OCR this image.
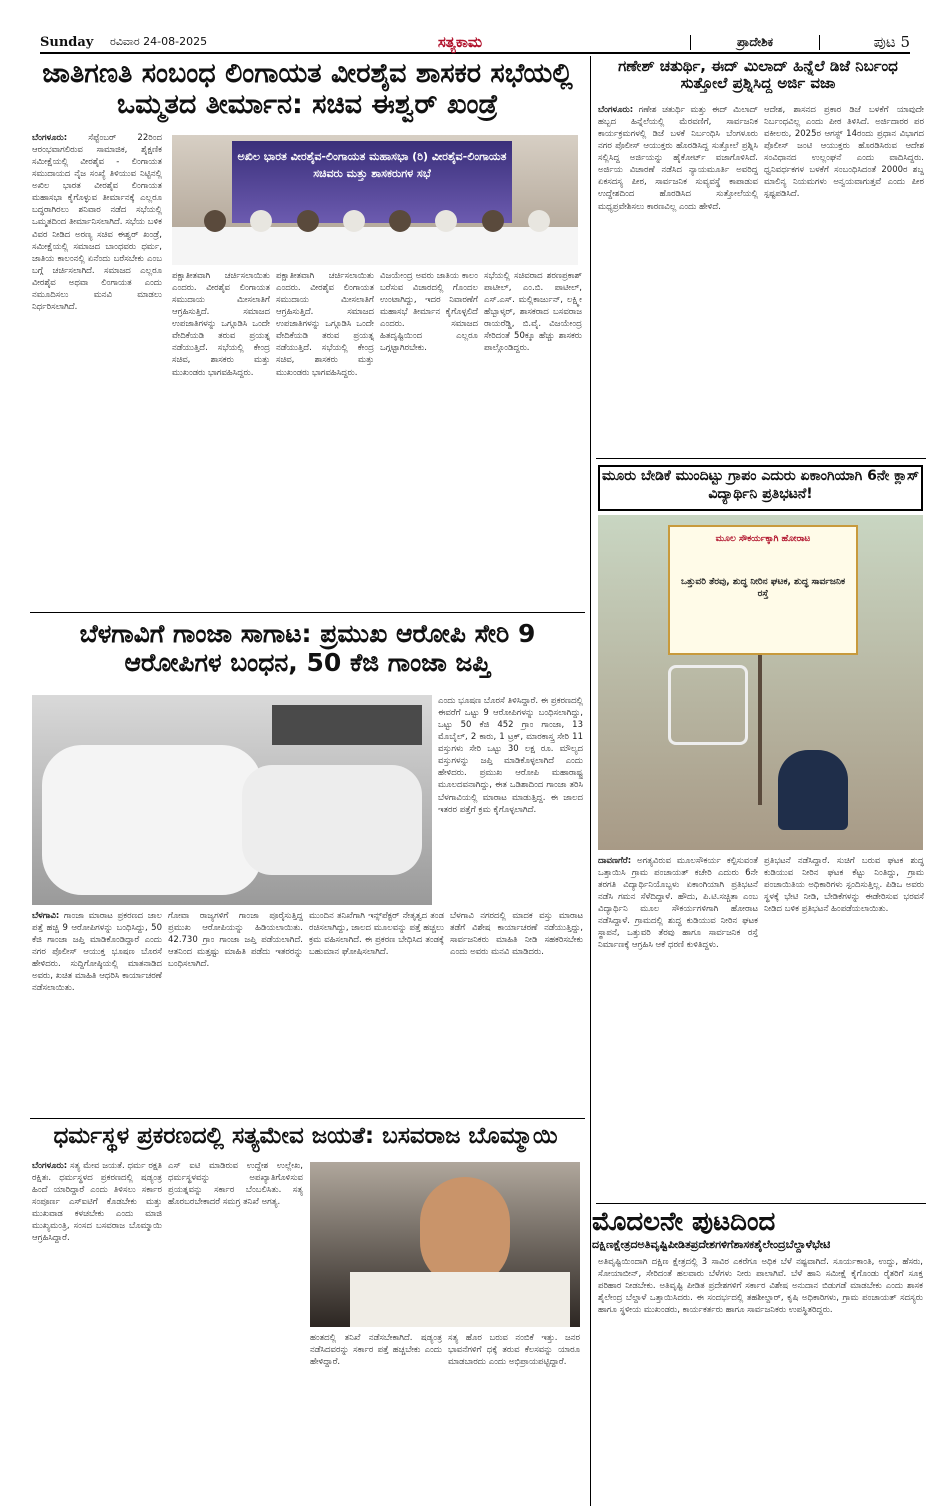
Sunday	ರವಿವಾರ 24-08-2025	ಸತ್ಯಕಾಮ	ಪ್ರಾದೇಶಿಕ	ಪುಟ 5
ಜಾತಿಗಣತಿ ಸಂಬಂಧ ಲಿಂಗಾಯತ ವೀರಶೈವ ಶಾಸಕರ ಸಭೆಯಲ್ಲಿ ಒಮ್ಮತದ ತೀರ್ಮಾನ: ಸಚಿವ ಈಶ್ವರ್ ಖಂಡ್ರೆ
ಬೆಂಗಳೂರು: ಸೆಪ್ಟೆಂಬರ್ 22ರಿಂದ ಆರಂಭವಾಗಲಿರುವ ಸಾಮಾಜಿಕ, ಶೈಕ್ಷಣಿಕ ಸಮೀಕ್ಷೆಯಲ್ಲಿ ವೀರಶೈವ - ಲಿಂಗಾಯತ ಸಮುದಾಯದ ನೈಜ ಸಂಖ್ಯೆ ತಿಳಿಯುವ ನಿಟ್ಟಿನಲ್ಲಿ ಅಖಿಲ ಭಾರತ ವೀರಶೈವ ಲಿಂಗಾಯತ ಮಹಾಸಭಾ ಕೈಗೊಳ್ಳುವ ತೀರ್ಮಾನಕ್ಕೆ ಎಲ್ಲರೂ ಬದ್ಧರಾಗಿರಲು ಶನಿವಾರ ನಡೆದ ಸಭೆಯಲ್ಲಿ ಒಮ್ಮತದಿಂದ ತೀರ್ಮಾನಿಸಲಾಗಿದೆ. ಸಭೆಯ ಬಳಿಕ ವಿವರ ನೀಡಿದ ಅರಣ್ಯ ಸಚಿವ ಈಶ್ವರ್ ಖಂಡ್ರೆ, ಸಮೀಕ್ಷೆಯಲ್ಲಿ ಸಮಾಜದ ಬಾಂಧವರು ಧರ್ಮ, ಜಾತಿಯ ಕಾಲಂನಲ್ಲಿ ಏನೆಂದು ಬರೆಸಬೇಕು ಎಂಬ ಬಗ್ಗೆ ಚರ್ಚಿಸಲಾಗಿದೆ. ಸಮಾಜದ ಎಲ್ಲರೂ ವೀರಶೈವ ಅಥವಾ ಲಿಂಗಾಯತ ಎಂದು ನಮೂದಿಸಲು ಮನವಿ ಮಾಡಲು ನಿರ್ಧರಿಸಲಾಗಿದೆ.
ಅಖಿಲ ಭಾರತ ವೀರಶೈವ-ಲಿಂಗಾಯತ ಮಹಾಸಭಾ (ರಿ) ವೀರಶೈವ-ಲಿಂಗಾಯತ ಸಚಿವರು ಮತ್ತು ಶಾಸಕರುಗಳ ಸಭೆ
ಪಕ್ಷಾತೀತವಾಗಿ ಚರ್ಚಿಸಲಾಯಿತು ಎಂದರು. ವೀರಶೈವ ಲಿಂಗಾಯತ ಸಮುದಾಯ ಮೀಸಲಾತಿಗೆ ಆಗ್ರಹಿಸುತ್ತಿದೆ. ಸಮಾಜದ ಉಪಜಾತಿಗಳನ್ನು ಒಗ್ಗೂಡಿಸಿ ಒಂದೇ ವೇದಿಕೆಯಡಿ ತರುವ ಪ್ರಯತ್ನ ನಡೆಯುತ್ತಿದೆ. ಸಭೆಯಲ್ಲಿ ಕೇಂದ್ರ ಸಚಿವ, ಶಾಸಕರು ಮತ್ತು ಮುಖಂಡರು ಭಾಗವಹಿಸಿದ್ದರು.
ಪಕ್ಷಾತೀತವಾಗಿ ಚರ್ಚಿಸಲಾಯಿತು ಎಂದರು. ವೀರಶೈವ ಲಿಂಗಾಯತ ಸಮುದಾಯ ಮೀಸಲಾತಿಗೆ ಆಗ್ರಹಿಸುತ್ತಿದೆ. ಸಮಾಜದ ಉಪಜಾತಿಗಳನ್ನು ಒಗ್ಗೂಡಿಸಿ ಒಂದೇ ವೇದಿಕೆಯಡಿ ತರುವ ಪ್ರಯತ್ನ ನಡೆಯುತ್ತಿದೆ. ಸಭೆಯಲ್ಲಿ ಕೇಂದ್ರ ಸಚಿವ, ಶಾಸಕರು ಮತ್ತು ಮುಖಂಡರು ಭಾಗವಹಿಸಿದ್ದರು.
ವಿಜಯೇಂದ್ರ ಅವರು ಜಾತಿಯ ಕಾಲಂ ಬರೆಸುವ ವಿಚಾರದಲ್ಲಿ ಗೊಂದಲ ಉಂಟಾಗಿದ್ದು, ಇದರ ನಿವಾರಣೆಗೆ ಮಹಾಸಭೆ ತೀರ್ಮಾನ ಕೈಗೊಳ್ಳಲಿದೆ ಎಂದರು. ಸಮಾಜದ ಹಿತದೃಷ್ಟಿಯಿಂದ ಎಲ್ಲರೂ ಒಗ್ಗಟ್ಟಾಗಿರಬೇಕು.
ಸಭೆಯಲ್ಲಿ ಸಚಿವರಾದ ಶರಣಪ್ರಕಾಶ್ ಪಾಟೀಲ್, ಎಂ.ಬಿ. ಪಾಟೀಲ್, ಎಸ್.ಎಸ್. ಮಲ್ಲಿಕಾರ್ಜುನ್, ಲಕ್ಷ್ಮೀ ಹೆಬ್ಬಾಳ್ಕರ್, ಶಾಸಕರಾದ ಬಸವರಾಜ ರಾಯರೆಡ್ಡಿ, ಬಿ.ವೈ. ವಿಜಯೇಂದ್ರ ಸೇರಿದಂತೆ 50ಕ್ಕೂ ಹೆಚ್ಚು ಶಾಸಕರು ಪಾಲ್ಗೊಂಡಿದ್ದರು.
ಗಣೇಶ್ ಚತುರ್ಥಿ, ಈದ್ ಮಿಲಾದ್ ಹಿನ್ನೆಲೆ ಡಿಜೆ ನಿರ್ಬಂಧ ಸುತ್ತೋಲೆ ಪ್ರಶ್ನಿಸಿದ್ದ ಅರ್ಜಿ ವಜಾ
ಬೆಂಗಳೂರು: ಗಣೇಶ ಚತುರ್ಥಿ ಮತ್ತು ಈದ್ ಮಿಲಾದ್ ಹಬ್ಬದ ಹಿನ್ನೆಲೆಯಲ್ಲಿ ಮೆರವಣಿಗೆ, ಸಾರ್ವಜನಿಕ ಕಾರ್ಯಕ್ರಮಗಳಲ್ಲಿ ಡಿಜೆ ಬಳಕೆ ನಿರ್ಬಂಧಿಸಿ ಬೆಂಗಳೂರು ನಗರ ಪೊಲೀಸ್ ಆಯುಕ್ತರು ಹೊರಡಿಸಿದ್ದ ಸುತ್ತೋಲೆ ಪ್ರಶ್ನಿಸಿ ಸಲ್ಲಿಸಿದ್ದ ಅರ್ಜಿಯನ್ನು ಹೈಕೋರ್ಟ್ ವಜಾಗೊಳಿಸಿದೆ. ಅರ್ಜಿಯ ವಿಚಾರಣೆ ನಡೆಸಿದ ನ್ಯಾಯಮೂರ್ತಿ ಅವರಿದ್ದ ಏಕಸದಸ್ಯ ಪೀಠ, ಸಾರ್ವಜನಿಕ ಸುವ್ಯವಸ್ಥೆ ಕಾಪಾಡುವ ಉದ್ದೇಶದಿಂದ ಹೊರಡಿಸಿದ ಸುತ್ತೋಲೆಯಲ್ಲಿ ಮಧ್ಯಪ್ರವೇಶಿಸಲು ಕಾರಣವಿಲ್ಲ ಎಂದು ಹೇಳಿದೆ.
ಆದೇಶ, ಶಾಸನದ ಪ್ರಕಾರ ಡಿಜೆ ಬಳಕೆಗೆ ಯಾವುದೇ ನಿರ್ಬಂಧವಿಲ್ಲ ಎಂದು ಪೀಠ ತಿಳಿಸಿದೆ. ಅರ್ಜಿದಾರರ ಪರ ವಕೀಲರು, 2025ರ ಆಗಸ್ಟ್ 14ರಂದು ಪ್ರಧಾನ ವಿಭಾಗದ ಪೊಲೀಸ್ ಜಂಟಿ ಆಯುಕ್ತರು ಹೊರಡಿಸಿರುವ ಆದೇಶ ಸಂವಿಧಾನದ ಉಲ್ಲಂಘನೆ ಎಂದು ವಾದಿಸಿದ್ದರು. ಧ್ವನಿವರ್ಧಕಗಳ ಬಳಕೆಗೆ ಸಂಬಂಧಿಸಿದಂತೆ 2000ರ ಶಬ್ದ ಮಾಲಿನ್ಯ ನಿಯಮಗಳು ಅನ್ವಯವಾಗುತ್ತವೆ ಎಂದು ಪೀಠ ಸ್ಪಷ್ಟಪಡಿಸಿದೆ.
ಮೂರು ಬೇಡಿಕೆ ಮುಂದಿಟ್ಟು ಗ್ರಾಪಂ ಎದುರು ಏಕಾಂಗಿಯಾಗಿ 6ನೇ ಕ್ಲಾಸ್ ವಿದ್ಯಾರ್ಥಿನಿ ಪ್ರತಿಭಟನೆ!
ಮೂಲ ಸೌಕರ್ಯಕ್ಕಾಗಿ ಹೋರಾಟ
ಒತ್ತುವರಿ ತೆರವು, ಶುದ್ಧ ನೀರಿನ ಘಟಕ, ಶುದ್ಧ ಸಾರ್ವಜನಿಕ ರಸ್ತೆ
ದಾವಣಗೆರೆ: ಅಗತ್ಯವಿರುವ ಮೂಲಸೌಕರ್ಯ ಕಲ್ಪಿಸುವಂತೆ ಒತ್ತಾಯಿಸಿ ಗ್ರಾಮ ಪಂಚಾಯತ್ ಕಚೇರಿ ಎದುರು 6ನೇ ತರಗತಿ ವಿದ್ಯಾರ್ಥಿನಿಯೊಬ್ಬಳು ಏಕಾಂಗಿಯಾಗಿ ಪ್ರತಿಭಟನೆ ನಡೆಸಿ ಗಮನ ಸೆಳೆದಿದ್ದಾಳೆ. ಹೌದು, ಪಿ.ಟಿ.ಸಚ್ಚಿತಾ ಎಂಬ ವಿದ್ಯಾರ್ಥಿನಿ ಮೂಲ ಸೌಕರ್ಯಗಳಿಗಾಗಿ ಹೋರಾಟ ನಡೆಸಿದ್ದಾಳೆ. ಗ್ರಾಮದಲ್ಲಿ ಶುದ್ಧ ಕುಡಿಯುವ ನೀರಿನ ಘಟಕ ಸ್ಥಾಪನೆ, ಒತ್ತುವರಿ ತೆರವು ಹಾಗೂ ಸಾರ್ವಜನಿಕ ರಸ್ತೆ ನಿರ್ಮಾಣಕ್ಕೆ ಆಗ್ರಹಿಸಿ ಆಕೆ ಧರಣಿ ಕುಳಿತಿದ್ದಳು.
ಪ್ರತಿಭಟನೆ ನಡೆಸಿದ್ದಾರೆ. ಸುಚಿಗೆ ಬರುವ ಘಟಕ ಶುದ್ಧ ಕುಡಿಯುವ ನೀರಿನ ಘಟಕ ಕೆಟ್ಟು ನಿಂತಿದ್ದು, ಗ್ರಾಮ ಪಂಚಾಯಿತಿಯ ಅಧಿಕಾರಿಗಳು ಸ್ಪಂದಿಸುತ್ತಿಲ್ಲ. ಪಿಡಿಒ ಅವರು ಸ್ಥಳಕ್ಕೆ ಭೇಟಿ ನೀಡಿ, ಬೇಡಿಕೆಗಳನ್ನು ಈಡೇರಿಸುವ ಭರವಸೆ ನೀಡಿದ ಬಳಿಕ ಪ್ರತಿಭಟನೆ ಹಿಂಪಡೆಯಲಾಯಿತು.
ಬೆಳಗಾವಿಗೆ ಗಾಂಜಾ ಸಾಗಾಟ: ಪ್ರಮುಖ ಆರೋಪಿ ಸೇರಿ 9 ಆರೋಪಿಗಳ ಬಂಧನ, 50 ಕೆಜಿ ಗಾಂಜಾ ಜಪ್ತಿ
ಎಂದು ಭೂಷಣ ಬೊರಸೆ ತಿಳಿಸಿದ್ದಾರೆ. ಈ ಪ್ರಕರಣದಲ್ಲಿ ಈವರೆಗೆ ಒಟ್ಟು 9 ಆರೋಪಿಗಳನ್ನು ಬಂಧಿಸಲಾಗಿದ್ದು, ಒಟ್ಟು 50 ಕೆಜಿ 452 ಗ್ರಾಂ ಗಾಂಜಾ, 13 ಮೊಬೈಲ್, 2 ಕಾರು, 1 ಟ್ರಕ್, ಮಾರಕಾಸ್ತ್ರ ಸೇರಿ 11 ವಸ್ತುಗಳು ಸೇರಿ ಒಟ್ಟು 30 ಲಕ್ಷ ರೂ. ಮೌಲ್ಯದ ವಸ್ತುಗಳನ್ನು ಜಪ್ತಿ ಮಾಡಿಕೊಳ್ಳಲಾಗಿದೆ ಎಂದು ಹೇಳಿದರು. ಪ್ರಮುಖ ಆರೋಪಿ ಮಹಾರಾಷ್ಟ್ರ ಮೂಲದವನಾಗಿದ್ದು, ಈತ ಒಡಿಶಾದಿಂದ ಗಾಂಜಾ ತರಿಸಿ ಬೆಳಗಾವಿಯಲ್ಲಿ ಮಾರಾಟ ಮಾಡುತ್ತಿದ್ದ. ಈ ಜಾಲದ ಇತರರ ಪತ್ತೆಗೆ ಕ್ರಮ ಕೈಗೊಳ್ಳಲಾಗಿದೆ.
ಬೆಳಗಾವಿ: ಗಾಂಜಾ ಮಾರಾಟ ಪ್ರಕರಣದ ಜಾಲ ಪತ್ತೆ ಹಚ್ಚಿ 9 ಆರೋಪಿಗಳನ್ನು ಬಂಧಿಸಿದ್ದು, 50 ಕೆಜಿ ಗಾಂಜಾ ಜಪ್ತಿ ಮಾಡಿಕೊಂಡಿದ್ದಾರೆ ಎಂದು ನಗರ ಪೊಲೀಸ್ ಆಯುಕ್ತ ಭೂಷಣ ಬೊರಸೆ ಹೇಳಿದರು. ಸುದ್ದಿಗೋಷ್ಠಿಯಲ್ಲಿ ಮಾತನಾಡಿದ ಅವರು, ಖಚಿತ ಮಾಹಿತಿ ಆಧರಿಸಿ ಕಾರ್ಯಾಚರಣೆ ನಡೆಸಲಾಯಿತು.
ಗೋವಾ ರಾಜ್ಯಗಳಿಗೆ ಗಾಂಜಾ ಪೂರೈಸುತ್ತಿದ್ದ ಪ್ರಮುಖ ಆರೋಪಿಯನ್ನು ಹಿಡಿಯಲಾಯಿತು. 42.730 ಗ್ರಾಂ ಗಾಂಜಾ ಜಪ್ತಿ ಪಡೆಯಲಾಗಿದೆ. ಆತನಿಂದ ಮತ್ತಷ್ಟು ಮಾಹಿತಿ ಪಡೆದು ಇತರರನ್ನು ಬಂಧಿಸಲಾಗಿದೆ.
ಮುಂದಿನ ತನಿಖೆಗಾಗಿ ಇನ್ಸ್‌ಪೆಕ್ಟರ್ ನೇತೃತ್ವದ ತಂಡ ರಚಿಸಲಾಗಿದ್ದು, ಜಾಲದ ಮೂಲವನ್ನು ಪತ್ತೆ ಹಚ್ಚಲು ಕ್ರಮ ವಹಿಸಲಾಗಿದೆ. ಈ ಪ್ರಕರಣ ಬೇಧಿಸಿದ ತಂಡಕ್ಕೆ ಬಹುಮಾನ ಘೋಷಿಸಲಾಗಿದೆ.
ಬೆಳಗಾವಿ ನಗರದಲ್ಲಿ ಮಾದಕ ವಸ್ತು ಮಾರಾಟ ತಡೆಗೆ ವಿಶೇಷ ಕಾರ್ಯಾಚರಣೆ ನಡೆಯುತ್ತಿದ್ದು, ಸಾರ್ವಜನಿಕರು ಮಾಹಿತಿ ನೀಡಿ ಸಹಕರಿಸಬೇಕು ಎಂದು ಅವರು ಮನವಿ ಮಾಡಿದರು.
ಧರ್ಮಸ್ಥಳ ಪ್ರಕರಣದಲ್ಲಿ ಸತ್ಯಮೇವ ಜಯತೆ: ಬಸವರಾಜ ಬೊಮ್ಮಾಯಿ
ಬೆಂಗಳೂರು: ಸತ್ಯ ಮೇವ ಜಯತೆ. ಧರ್ಮ ರಕ್ಷತಿ ರಕ್ಷಿತಃ. ಧರ್ಮಸ್ಥಳದ ಪ್ರಕರಣದಲ್ಲಿ ಷಡ್ಯಂತ್ರ ಹಿಂದೆ ಯಾರಿದ್ದಾರೆ ಎಂದು ತಿಳಿಸಲು ಸರ್ಕಾರ ಸಂಪೂರ್ಣ ಎಸ್‌ಐಟಿಗೆ ಕೊಡಬೇಕು ಮತ್ತು ಮುಖವಾಡ ಕಳಚಬೇಕು ಎಂದು ಮಾಜಿ ಮುಖ್ಯಮಂತ್ರಿ, ಸಂಸದ ಬಸವರಾಜ ಬೊಮ್ಮಾಯಿ ಆಗ್ರಹಿಸಿದ್ದಾರೆ.
ಎಸ್ ಐಟಿ ಮಾಡಿರುವ ಉದ್ದೇಶ ಉಲ್ಲೇಖ, ಧರ್ಮಸ್ಥಳವನ್ನು ಅಪಖ್ಯಾತಿಗೊಳಿಸುವ ಪ್ರಯತ್ನವನ್ನು ಸರ್ಕಾರ ಬೆಂಬಲಿಸಿತು. ಸತ್ಯ ಹೊರಬರಬೇಕಾದರೆ ಸಮಗ್ರ ತನಿಖೆ ಅಗತ್ಯ.
ಹಂತದಲ್ಲಿ ತನಿಖೆ ನಡೆಸಬೇಕಾಗಿದೆ. ಷಡ್ಯಂತ್ರ ನಡೆಸಿದವರನ್ನು ಸರ್ಕಾರ ಪತ್ತೆ ಹಚ್ಚಬೇಕು ಎಂದು ಹೇಳಿದ್ದಾರೆ.
ಸತ್ಯ ಹೊರ ಬರುವ ನಂಬಿಕೆ ಇತ್ತು. ಜನರ ಭಾವನೆಗಳಿಗೆ ಧಕ್ಕೆ ತರುವ ಕೆಲಸವನ್ನು ಯಾರೂ ಮಾಡಬಾರದು ಎಂದು ಅಭಿಪ್ರಾಯಪಟ್ಟಿದ್ದಾರೆ.
ಮೊದಲನೇ ಪುಟದಿಂದ
ದಕ್ಷಿಣಕ್ಷೇತ್ರದಅತಿವೃಷ್ಟಿಪೀಡಿತಪ್ರದೇಶಗಳಿಗೆಶಾಸಕಶೈಲೇಂದ್ರಬೆಲ್ದಾಳೆಭೇಟಿ
ಅತಿವೃಷ್ಟಿಯಿಂದಾಗಿ ದಕ್ಷಿಣ ಕ್ಷೇತ್ರದಲ್ಲಿ 3 ಸಾವಿರ ಎಕರೆಗೂ ಅಧಿಕ ಬೆಳೆ ನಷ್ಟವಾಗಿದೆ. ಸೂರ್ಯಕಾಂತಿ, ಉದ್ದು, ಹೆಸರು, ಸೋಯಾಬೀನ್, ಸೇರಿದಂತೆ ಹಲವಾರು ಬೆಳೆಗಳು ನೀರು ಪಾಲಾಗಿವೆ. ಬೆಳೆ ಹಾನಿ ಸಮೀಕ್ಷೆ ಕೈಗೊಂಡು ರೈತರಿಗೆ ಸೂಕ್ತ ಪರಿಹಾರ ನೀಡಬೇಕು. ಅತಿವೃಷ್ಟಿ ಪೀಡಿತ ಪ್ರದೇಶಗಳಿಗೆ ಸರ್ಕಾರ ವಿಶೇಷ ಅನುದಾನ ಬಿಡುಗಡೆ ಮಾಡಬೇಕು ಎಂದು ಶಾಸಕ ಶೈಲೇಂದ್ರ ಬೆಲ್ದಾಳೆ ಒತ್ತಾಯಿಸಿದರು. ಈ ಸಂದರ್ಭದಲ್ಲಿ ತಹಶೀಲ್ದಾರ್, ಕೃಷಿ ಅಧಿಕಾರಿಗಳು, ಗ್ರಾಮ ಪಂಚಾಯತ್ ಸದಸ್ಯರು ಹಾಗೂ ಸ್ಥಳೀಯ ಮುಖಂಡರು, ಕಾರ್ಯಕರ್ತರು ಹಾಗೂ ಸಾರ್ವಜನಿಕರು ಉಪಸ್ಥಿತರಿದ್ದರು.
